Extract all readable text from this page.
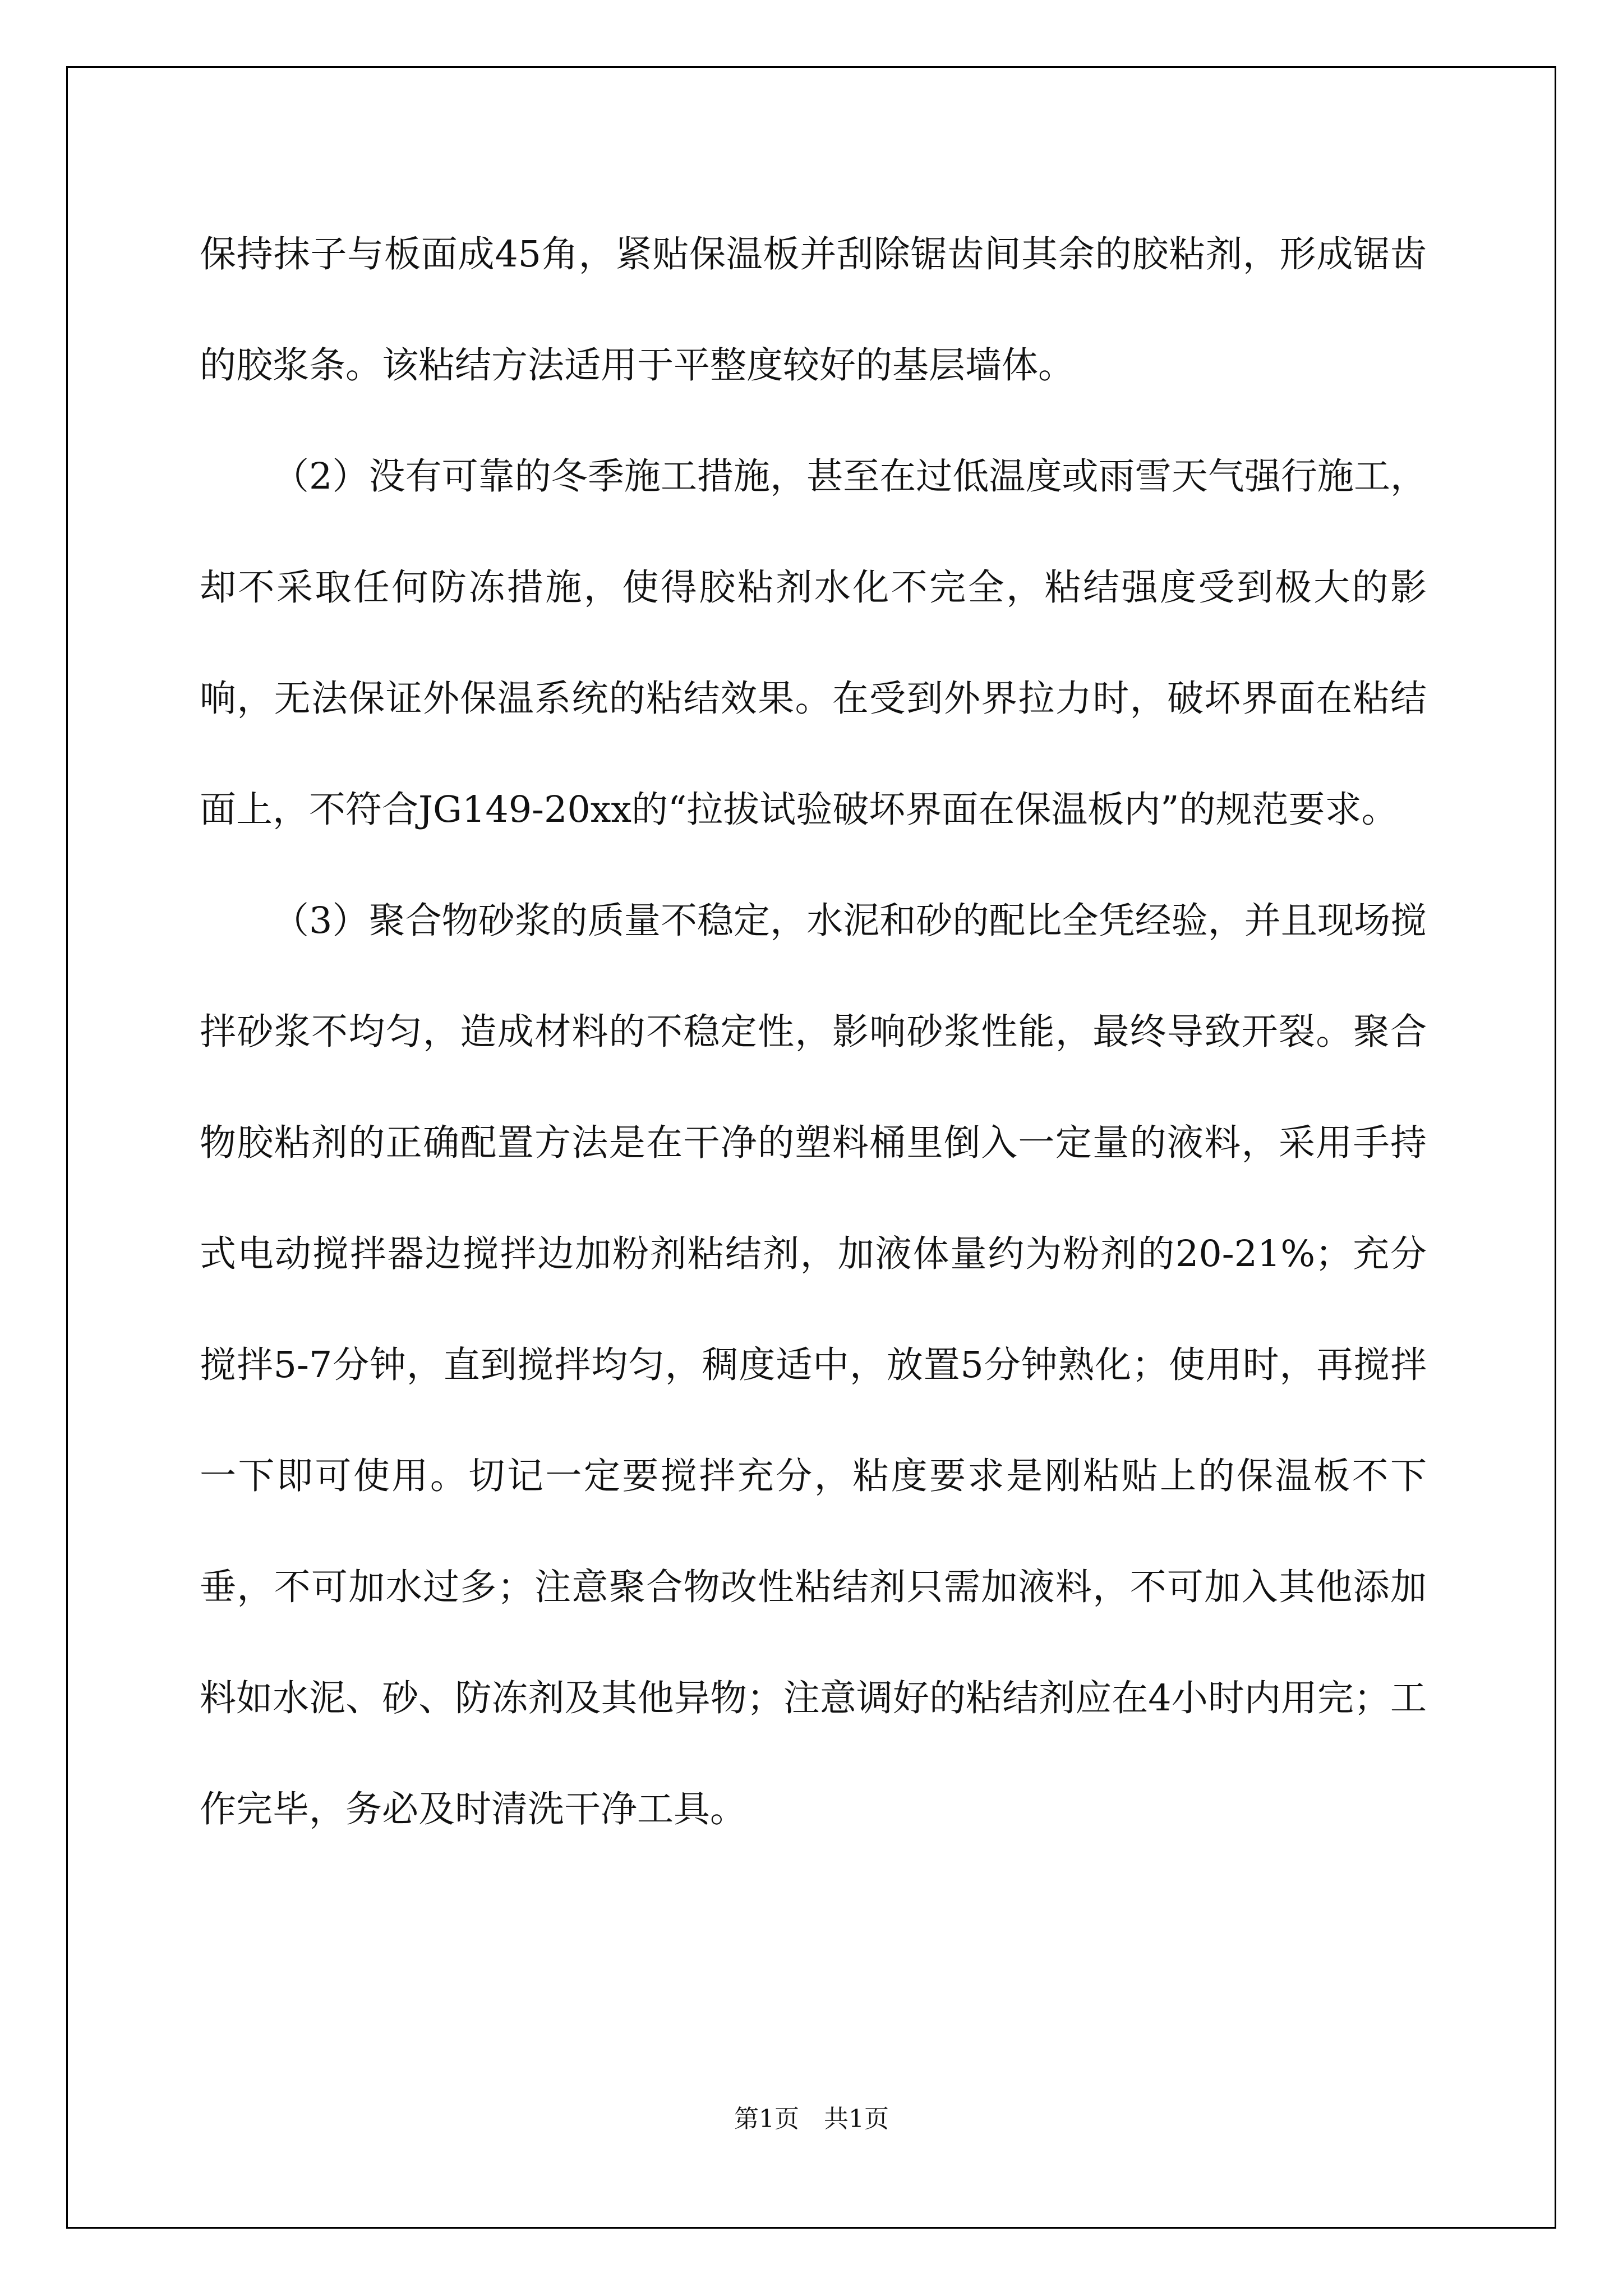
保持抹子与板面成45角，紧贴保温板并刮除锯齿间其余的胶粘剂，形成锯齿的胶浆条。该粘结方法适用于平整度较好的基层墙体。

（2）没有可靠的冬季施工措施，甚至在过低温度或雨雪天气强行施工，却不采取任何防冻措施，使得胶粘剂水化不完全，粘结强度受到极大的影响，无法保证外保温系统的粘结效果。在受到外界拉力时，破坏界面在粘结面上，不符合JG149-20xx的“拉拔试验破坏界面在保温板内”的规范要求。

（3）聚合物砂浆的质量不稳定，水泥和砂的配比全凭经验，并且现场搅拌砂浆不均匀，造成材料的不稳定性，影响砂浆性能，最终导致开裂。聚合物胶粘剂的正确配置方法是在干净的塑料桶里倒入一定量的液料，采用手持式电动搅拌器边搅拌边加粉剂粘结剂，加液体量约为粉剂的20-21%；充分搅拌5-7分钟，直到搅拌均匀，稠度适中，放置5分钟熟化；使用时，再搅拌一下即可使用。切记一定要搅拌充分，粘度要求是刚粘贴上的保温板不下垂，不可加水过多；注意聚合物改性粘结剂只需加液料，不可加入其他添加料如水泥、砂、防冻剂及其他异物；注意调好的粘结剂应在4小时内用完；工作完毕，务必及时清洗干净工具。

第1页 共1页
